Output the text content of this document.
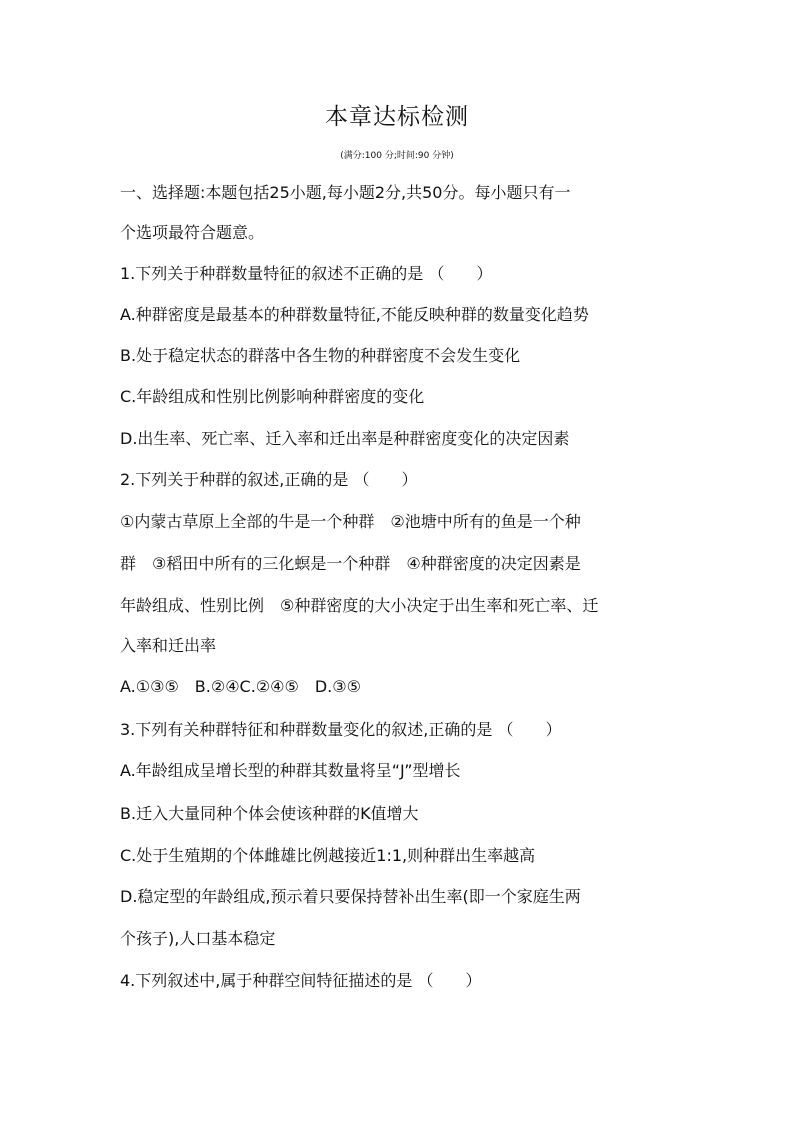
本章达标检测
(满分:100 分;时间:90 分钟)
一、选择题:本题包括25小题,每小题2分,共50分。每小题只有一
个选项最符合题意。
1.下列关于种群数量特征的叙述不正确的是 （　　）
A.种群密度是最基本的种群数量特征,不能反映种群的数量变化趋势
B.处于稳定状态的群落中各生物的种群密度不会发生变化
C.年龄组成和性别比例影响种群密度的变化
D.出生率、死亡率、迁入率和迁出率是种群密度变化的决定因素
2.下列关于种群的叙述,正确的是 （　　）
①内蒙古草原上全部的牛是一个种群　②池塘中所有的鱼是一个种
群　③稻田中所有的三化螟是一个种群　④种群密度的决定因素是
年龄组成、性别比例　⑤种群密度的大小决定于出生率和死亡率、迁
入率和迁出率
A.①③⑤　B.②④C.②④⑤　D.③⑤
3.下列有关种群特征和种群数量变化的叙述,正确的是 （　　）
A.年龄组成呈增长型的种群其数量将呈“J”型增长
B.迁入大量同种个体会使该种群的K值增大
C.处于生殖期的个体雌雄比例越接近1:1,则种群出生率越高
D.稳定型的年龄组成,预示着只要保持替补出生率(即一个家庭生两
个孩子),人口基本稳定
4.下列叙述中,属于种群空间特征描述的是 （　　）
